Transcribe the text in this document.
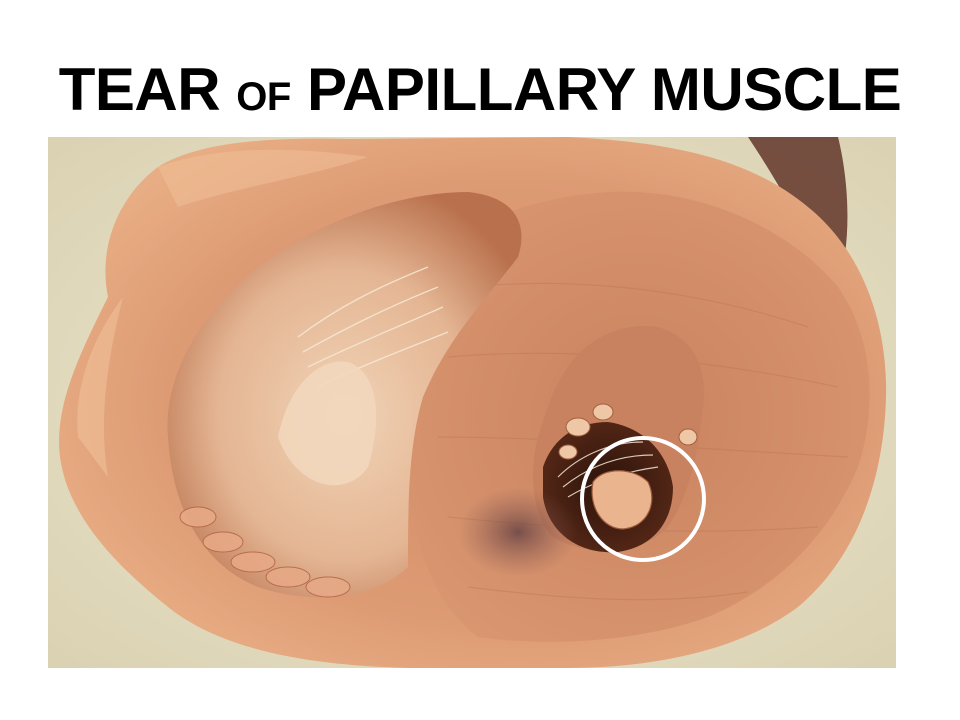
TEAR OF PAPILLARY MUSCLE
